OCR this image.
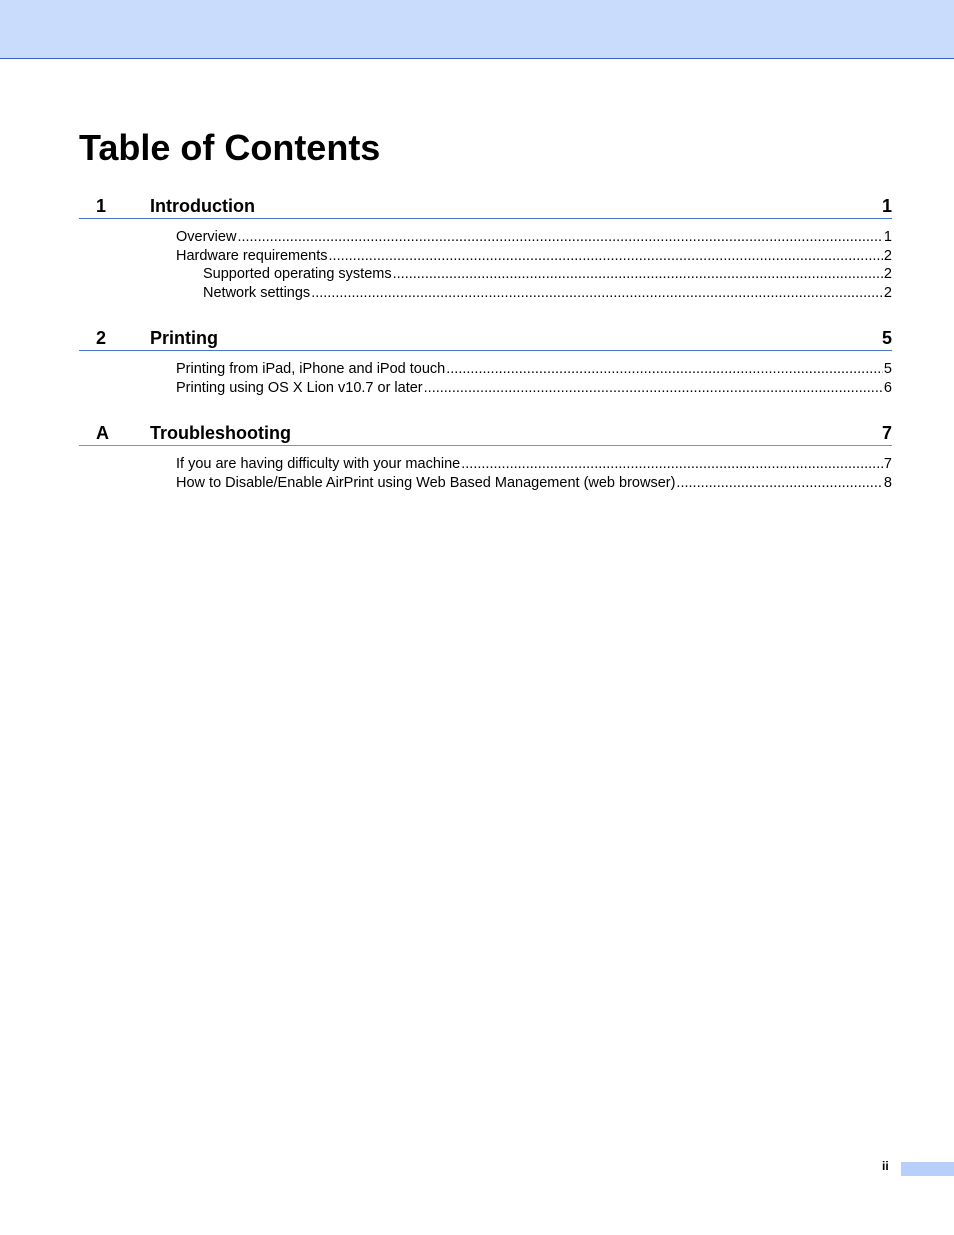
Table of Contents
1	Introduction	1
Overview .....	1
Hardware requirements .....	2
Supported operating systems .....	2
Network settings .....	2
2	Printing	5
Printing from iPad, iPhone and iPod touch .....	5
Printing using OS X Lion v10.7 or later .....	6
A	Troubleshooting	7
If you are having difficulty with your machine .....	7
How to Disable/Enable AirPrint using Web Based Management (web browser) .....	8
ii
